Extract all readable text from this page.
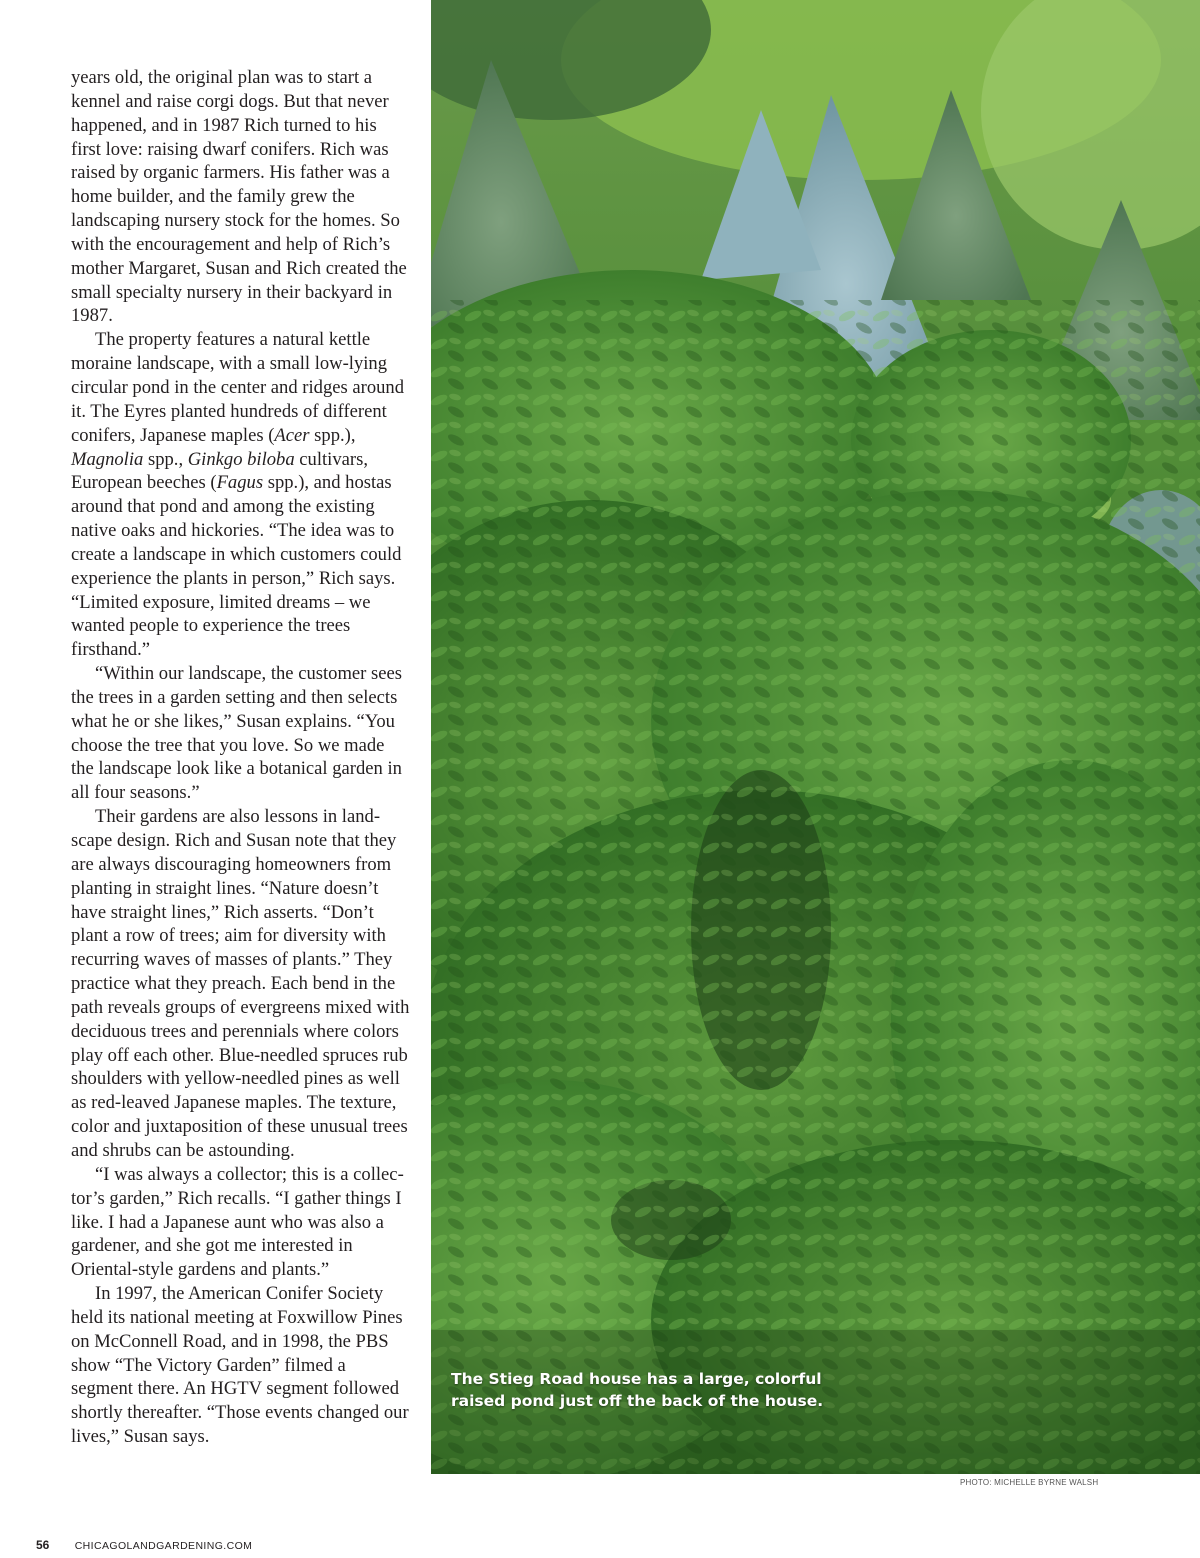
years old, the original plan was to start a kennel and raise corgi dogs. But that never happened, and in 1987 Rich turned to his first love: raising dwarf conifers. Rich was raised by organic farmers. His father was a home builder, and the family grew the landscaping nursery stock for the homes. So with the encouragement and help of Rich’s mother Margaret, Susan and Rich created the small specialty nursery in their backyard in 1987.

The property features a natural kettle moraine landscape, with a small low-lying circular pond in the center and ridges around it. The Eyres planted hundreds of different conifers, Japanese maples (Acer spp.), Magnolia spp., Ginkgo biloba cultivars, European beeches (Fagus spp.), and hostas around that pond and among the existing native oaks and hickories. “The idea was to create a landscape in which customers could experience the plants in person,” Rich says. “Limited exposure, limited dreams – we wanted people to experience the trees firsthand.”

“Within our landscape, the customer sees the trees in a garden setting and then selects what he or she likes,” Susan explains. “You choose the tree that you love. So we made the landscape look like a botanical garden in all four seasons.”

Their gardens are also lessons in landscape design. Rich and Susan note that they are always discouraging homeowners from planting in straight lines. “Nature doesn’t have straight lines,” Rich asserts. “Don’t plant a row of trees; aim for diversity with recurring waves of masses of plants.” They practice what they preach. Each bend in the path reveals groups of evergreens mixed with deciduous trees and perennials where colors play off each other. Blue-needled spruces rub shoulders with yellow-needled pines as well as red-leaved Japanese maples. The texture, color and juxtaposition of these unusual trees and shrubs can be astounding.

“I was always a collector; this is a collector’s garden,” Rich recalls. “I gather things I like. I had a Japanese aunt who was also a gardener, and she got me interested in Oriental-style gardens and plants.”

In 1997, the American Conifer Society held its national meeting at Foxwillow Pines on McConnell Road, and in 1998, the PBS show “The Victory Garden” filmed a segment there. An HGTV segment followed shortly thereafter. “Those events changed our lives,” Susan says.

The Stieg Road house has a large, colorful
raised pond just off the back of the house.
PHOTO: MICHELLE BYRNE WALSH
56 CHICAGOLANDGARDENING.COM
